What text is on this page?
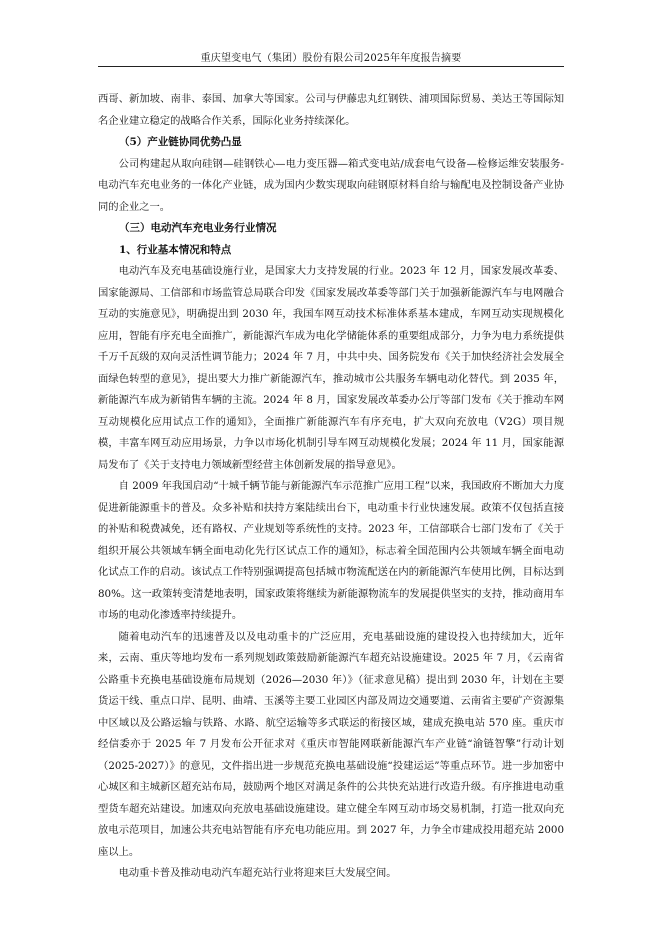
重庆望变电气（集团）股份有限公司2025年年度报告摘要

西哥、新加坡、南非、泰国、加拿大等国家。公司与伊藤忠丸红钢铁、浦项国际贸易、美达王等国际知名企业建立稳定的战略合作关系，国际化业务持续深化。

（5）产业链协同优势凸显

公司构建起从取向硅钢—硅钢铁心—电力变压器—箱式变电站/成套电气设备—检修运维安装服务-电动汽车充电业务的一体化产业链，成为国内少数实现取向硅钢原材料自给与输配电及控制设备产业协同的企业之一。

（三）电动汽车充电业务行业情况
1、行业基本情况和特点

电动汽车及充电基础设施行业，是国家大力支持发展的行业。2023 年 12 月，国家发展改革委、国家能源局、工信部和市场监管总局联合印发《国家发展改革委等部门关于加强新能源汽车与电网融合互动的实施意见》，明确提出到 2030 年，我国车网互动技术标准体系基本建成，车网互动实现规模化应用，智能有序充电全面推广，新能源汽车成为电化学储能体系的重要组成部分，力争为电力系统提供千万千瓦级的双向灵活性调节能力；2024 年 7 月，中共中央、国务院发布《关于加快经济社会发展全面绿色转型的意见》，提出要大力推广新能源汽车，推动城市公共服务车辆电动化替代。到 2035 年，新能源汽车成为新销售车辆的主流。2024 年 8 月，国家发展改革委办公厅等部门发布《关于推动车网互动规模化应用试点工作的通知》，全面推广新能源汽车有序充电，扩大双向充放电（V2G）项目规模，丰富车网互动应用场景，力争以市场化机制引导车网互动规模化发展；2024 年 11 月，国家能源局发布了《关于支持电力领域新型经营主体创新发展的指导意见》。

自 2009 年我国启动“十城千辆节能与新能源汽车示范推广应用工程”以来，我国政府不断加大力度促进新能源重卡的普及。众多补贴和扶持方案陆续出台下，电动重卡行业快速发展。政策不仅包括直接的补贴和税费减免，还有路权、产业规划等系统性的支持。2023 年，工信部联合七部门发布了《关于组织开展公共领域车辆全面电动化先行区试点工作的通知》，标志着全国范围内公共领域车辆全面电动化试点工作的启动。该试点工作特别强调提高包括城市物流配送在内的新能源汽车使用比例，目标达到 80%。这一政策转变清楚地表明，国家政策将继续为新能源物流车的发展提供坚实的支持，推动商用车市场的电动化渗透率持续提升。

随着电动汽车的迅速普及以及电动重卡的广泛应用，充电基础设施的建设投入也持续加大，近年来，云南、重庆等地均发布一系列规划政策鼓励新能源汽车超充站设施建设。2025 年 7 月，《云南省公路重卡充换电基础设施布局规划（2026—2030 年）》（征求意见稿）提出到 2030 年，计划在主要货运干线、重点口岸、昆明、曲靖、玉溪等主要工业园区内部及周边交通要道、云南省主要矿产资源集中区域以及公路运输与铁路、水路、航空运输等多式联运的衔接区域，建成充换电站 570 座。重庆市经信委亦于 2025 年 7 月发布公开征求对《重庆市智能网联新能源汽车产业链“渝链智擎”行动计划（2025-2027）》的意见，文件指出进一步规范充换电基础设施“投建运运”等重点环节。进一步加密中心城区和主城新区超充站布局，鼓励两个地区对满足条件的公共快充站进行改造升级。有序推进电动重型货车超充站建设。加速双向充放电基础设施建设。建立健全车网互动市场交易机制，打造一批双向充放电示范项目，加速公共充电站智能有序充电功能应用。到 2027 年，力争全市建成投用超充站 2000 座以上。

电动重卡普及推动电动汽车超充站行业将迎来巨大发展空间。
